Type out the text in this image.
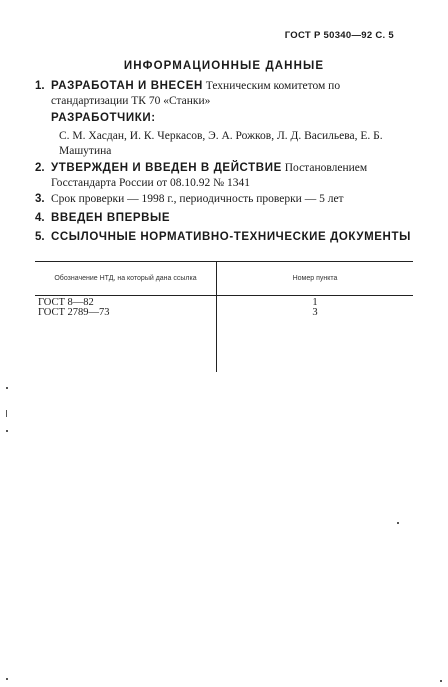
ГОСТ Р 50340—92 С. 5
ИНФОРМАЦИОННЫЕ ДАННЫЕ
1. РАЗРАБОТАН И ВНЕСЕН Техническим комитетом по стандартизации ТК 70 «Станки»
РАЗРАБОТЧИКИ:
С. М. Хасдан, И. К. Черкасов, Э. А. Рожков, Л. Д. Васильева, Е. Б. Машутина
2. УТВЕРЖДЕН И ВВЕДЕН В ДЕЙСТВИЕ Постановлением Госстандарта России от 08.10.92 № 1341
3. Срок проверки — 1998 г., периодичность проверки — 5 лет
4. ВВЕДЕН ВПЕРВЫЕ
5. ССЫЛОЧНЫЕ НОРМАТИВНО-ТЕХНИЧЕСКИЕ ДОКУМЕНТЫ
Обозначение НТД, на который дана ссылка	Номер пункта
ГОСТ 8—82
ГОСТ 2789—73
1
3
